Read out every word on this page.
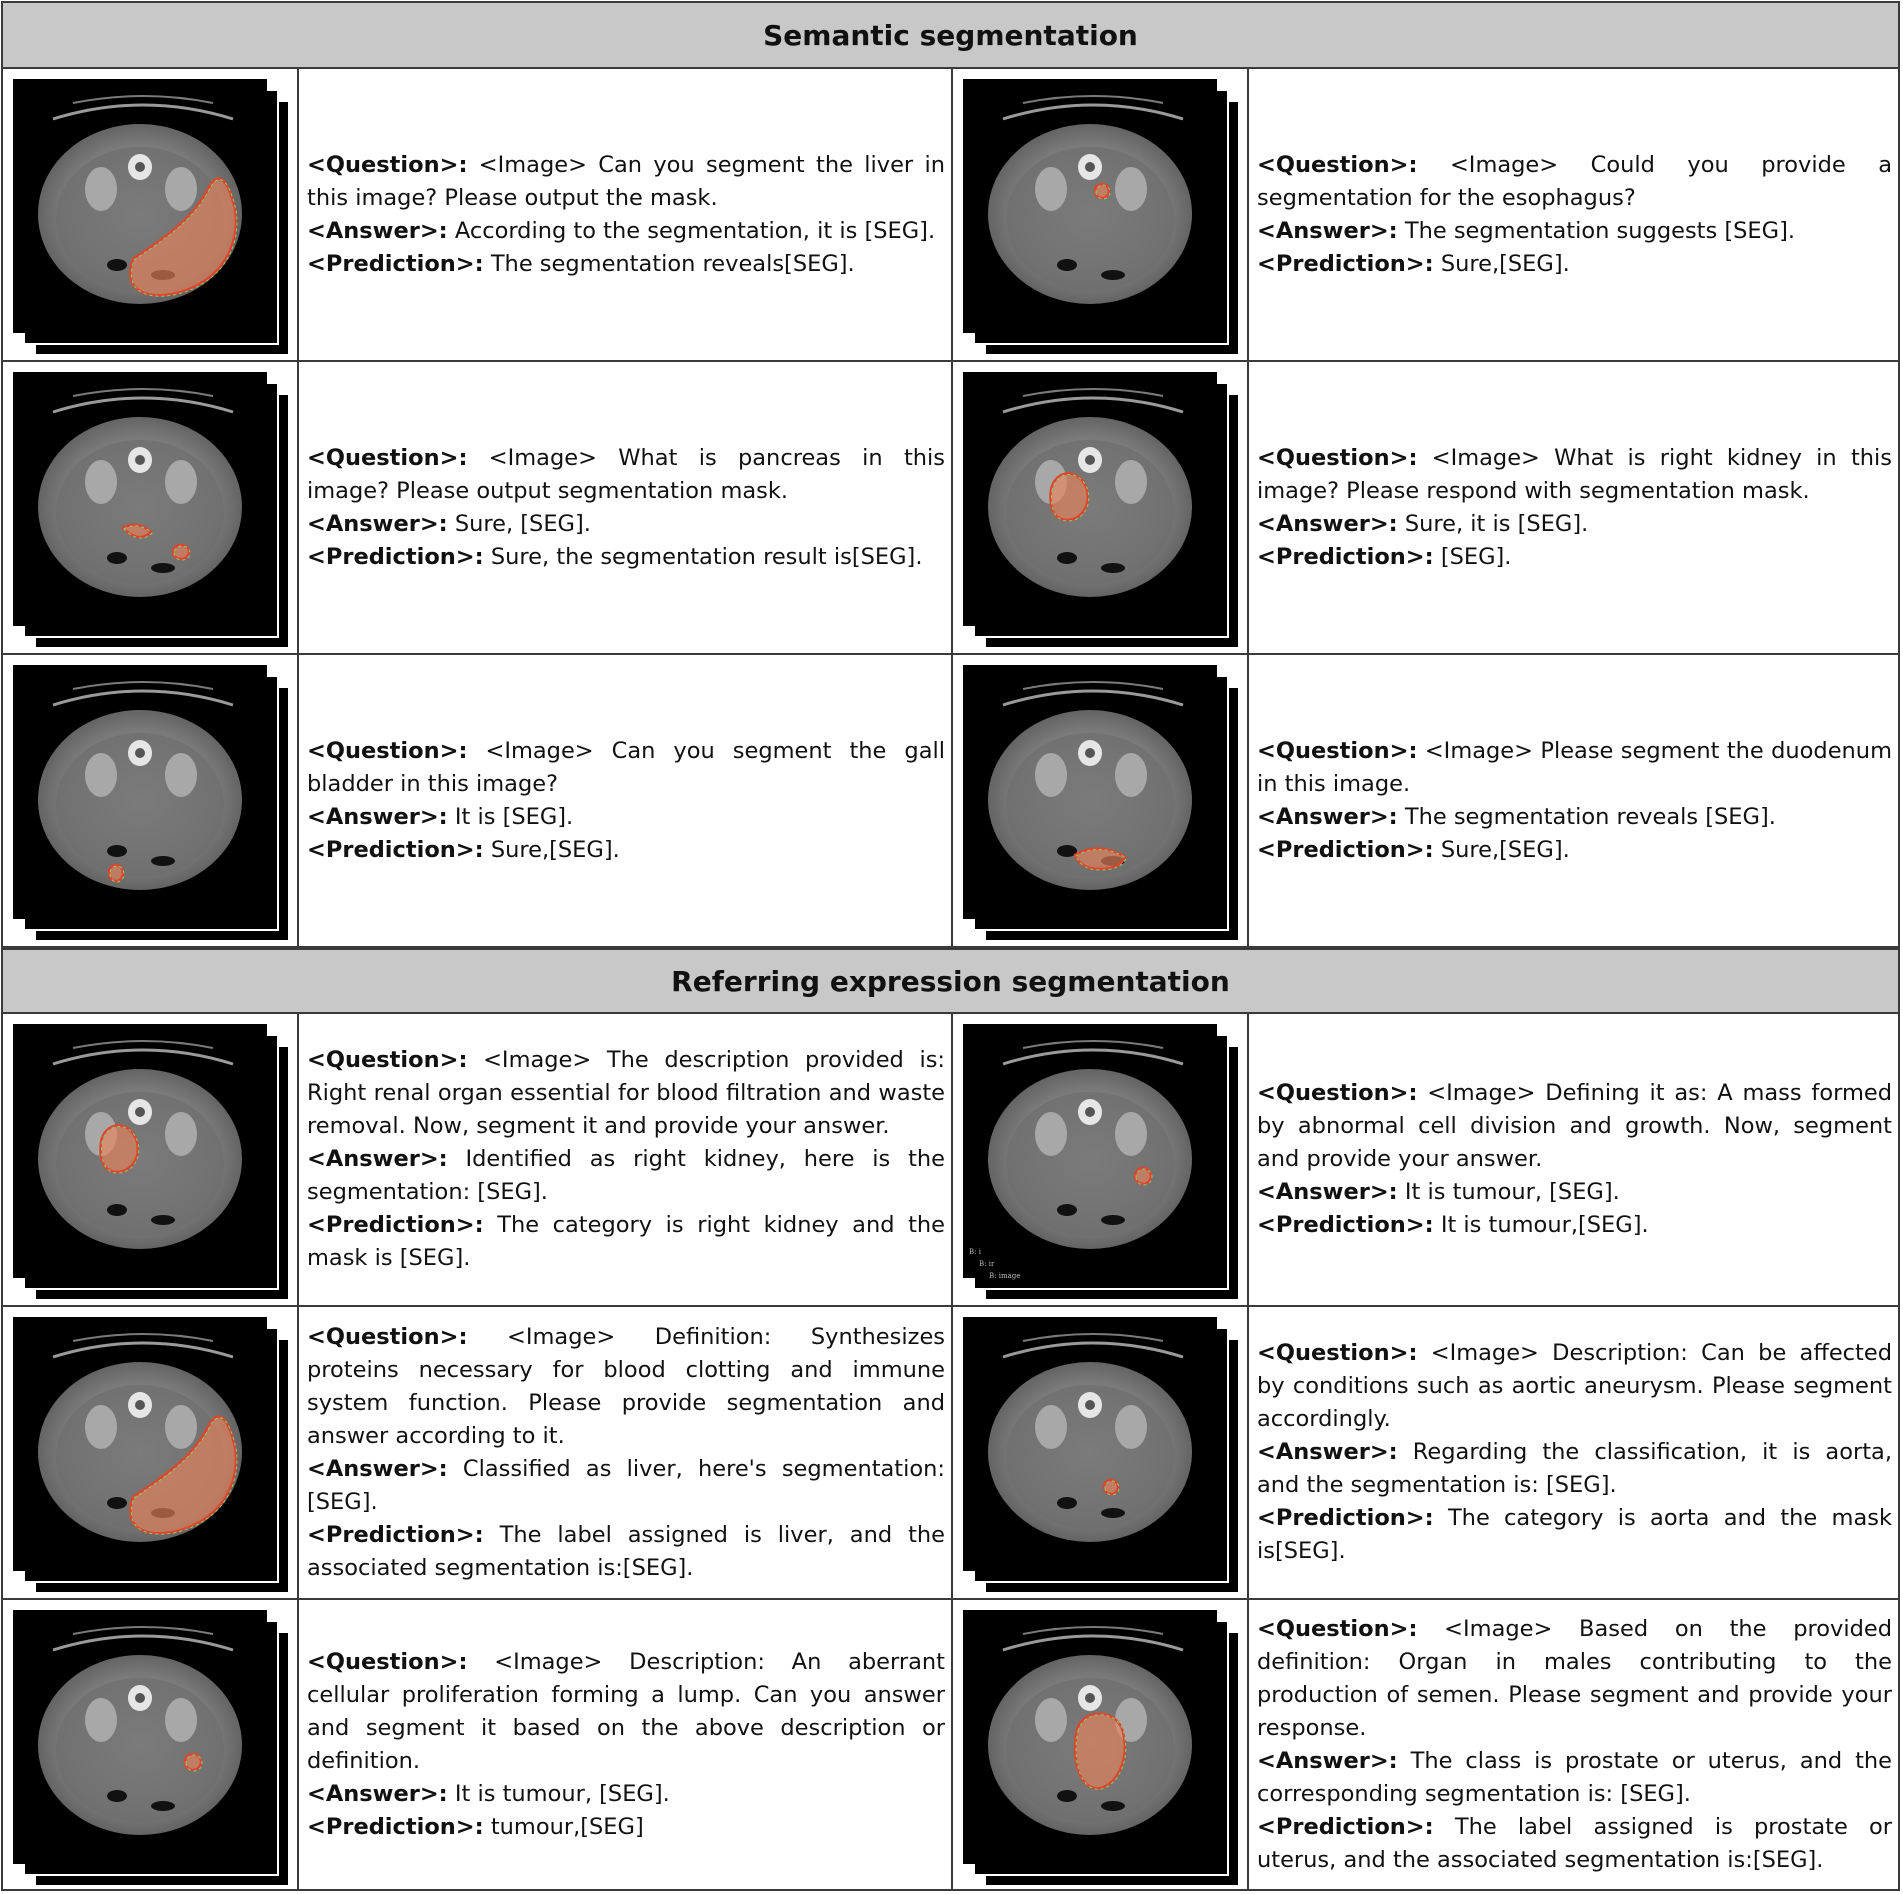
Semantic segmentation

<Question>: <Image> Can you segment the liver in this image? Please output the mask.

<Answer>: According to the segmentation, it is [SEG].

<Prediction>: The segmentation reveals[SEG].

<Question>: <Image> Could you provide a segmentation for the esophagus?

<Answer>: The segmentation suggests [SEG].

<Prediction>: Sure,[SEG].

<Question>: <Image> What is pancreas in this image? Please output segmentation mask.

<Answer>: Sure, [SEG].

<Prediction>: Sure, the segmentation result is[SEG].

<Question>: <Image> What is right kidney in this image? Please respond with segmentation mask.

<Answer>: Sure, it is [SEG].

<Prediction>: [SEG].

<Question>: <Image> Can you segment the gall bladder in this image?

<Answer>: It is [SEG].

<Prediction>: Sure,[SEG].

<Question>: <Image> Please segment the duodenum in this image.

<Answer>: The segmentation reveals [SEG].

<Prediction>: Sure,[SEG].

Referring expression segmentation

<Question>: <Image> The description provided is: Right renal organ essential for blood filtration and waste removal. Now, segment it and provide your answer.

<Answer>: Identified as right kidney, here is the segmentation: [SEG].

<Prediction>: The category is right kidney and the mask is [SEG].	B: i
B: ir
B: image

<Question>: <Image> Defining it as: A mass formed by abnormal cell division and growth. Now, segment and provide your answer.

<Answer>: It is tumour, [SEG].

<Prediction>: It is tumour,[SEG].

<Question>: <Image> Definition: Synthesizes proteins necessary for blood clotting and immune system function. Please provide segmentation and answer according to it.

<Answer>: Classified as liver, here's segmentation: [SEG].

<Prediction>: The label assigned is liver, and the associated segmentation is:[SEG].

<Question>: <Image> Description: Can be affected by conditions such as aortic aneurysm. Please segment accordingly.

<Answer>: Regarding the classification, it is aorta, and the segmentation is: [SEG].

<Prediction>: The category is aorta and the mask is[SEG].

<Question>: <Image> Description: An aberrant cellular proliferation forming a lump. Can you answer and segment it based on the above description or definition.

<Answer>: It is tumour, [SEG].

<Prediction>: tumour,[SEG]

<Question>: <Image> Based on the provided definition: Organ in males contributing to the production of semen. Please segment and provide your response.

<Answer>: The class is prostate or uterus, and the corresponding segmentation is: [SEG].

<Prediction>: The label assigned is prostate or uterus, and the associated segmentation is:[SEG].
